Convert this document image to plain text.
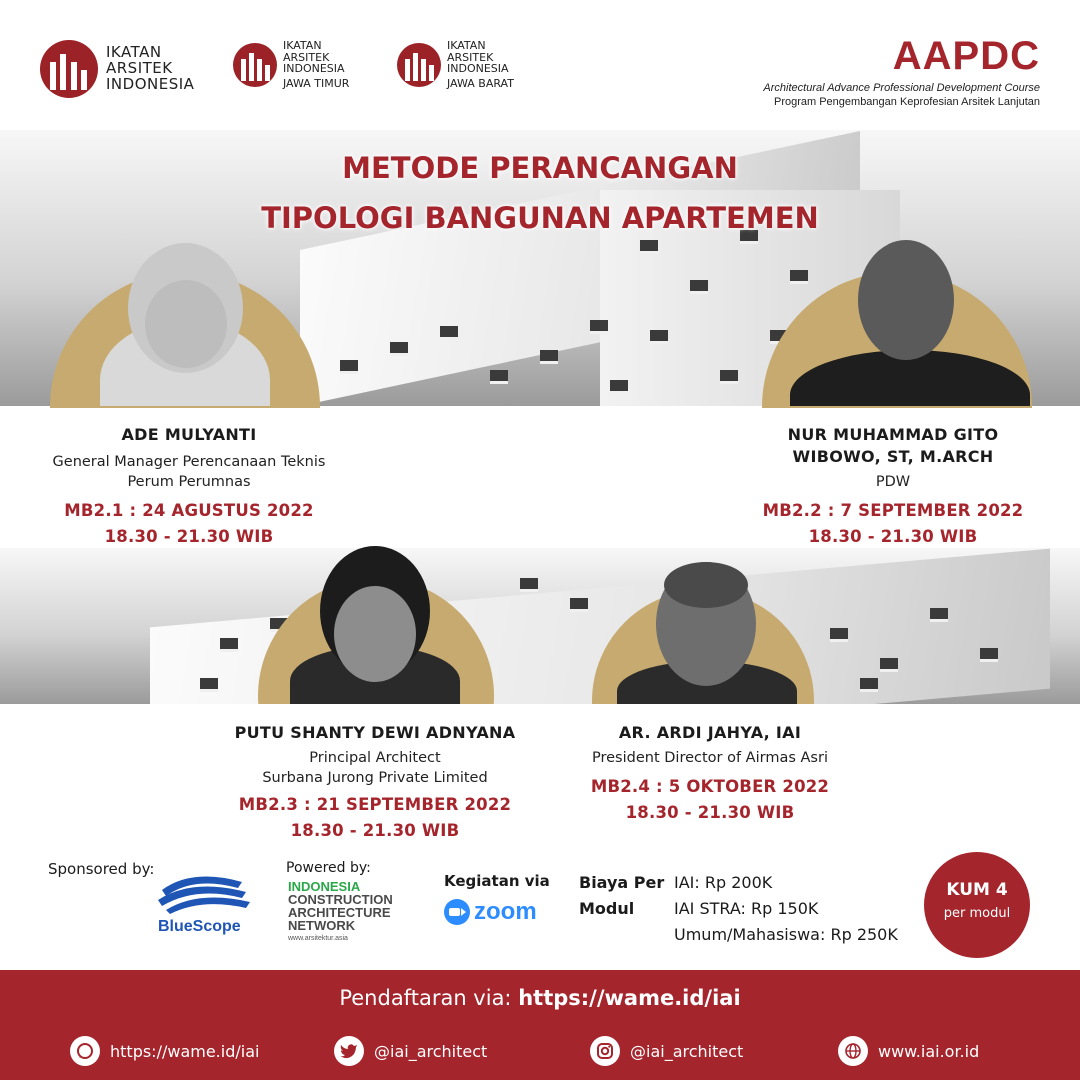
IKATAN
ARSITEK
INDONESIA
IKATAN
ARSITEK
INDONESIA
JAWA TIMUR
IKATAN
ARSITEK
INDONESIA
JAWA BARAT
AAPDC
Architectural Advance Professional Development Course
Program Pengembangan Keprofesian Arsitek Lanjutan
METODE PERANCANGAN
TIPOLOGI BANGUNAN APARTEMEN
ADE MULYANTI
General Manager Perencanaan Teknis
Perum Perumnas
MB2.1 : 24 AGUSTUS 2022
18.30 - 21.30 WIB
NUR MUHAMMAD GITO
WIBOWO, ST, M.ARCH
PDW
MB2.2 : 7 SEPTEMBER 2022
18.30 - 21.30 WIB
PUTU SHANTY DEWI ADNYANA
Principal Architect
Surbana Jurong Private Limited
MB2.3 : 21 SEPTEMBER 2022
18.30 - 21.30 WIB
AR. ARDI JAHYA, IAI
President Director of Airmas Asri
MB2.4 : 5 OKTOBER 2022
18.30 - 21.30 WIB
Sponsored by:
BlueScope
Powered by:
INDONESIA
CONSTRUCTION
ARCHITECTURE
NETWORK
www.arsitektur.asia
Kegiatan via
zoom
Biaya Per
Modul
IAI: Rp 200K
IAI STRA: Rp 150K
Umum/Mahasiswa: Rp 250K
KUM 4
per modul
Pendaftaran via: https://wame.id/iai
https://wame.id/iai	@iai_architect	@iai_architect	www.iai.or.id
